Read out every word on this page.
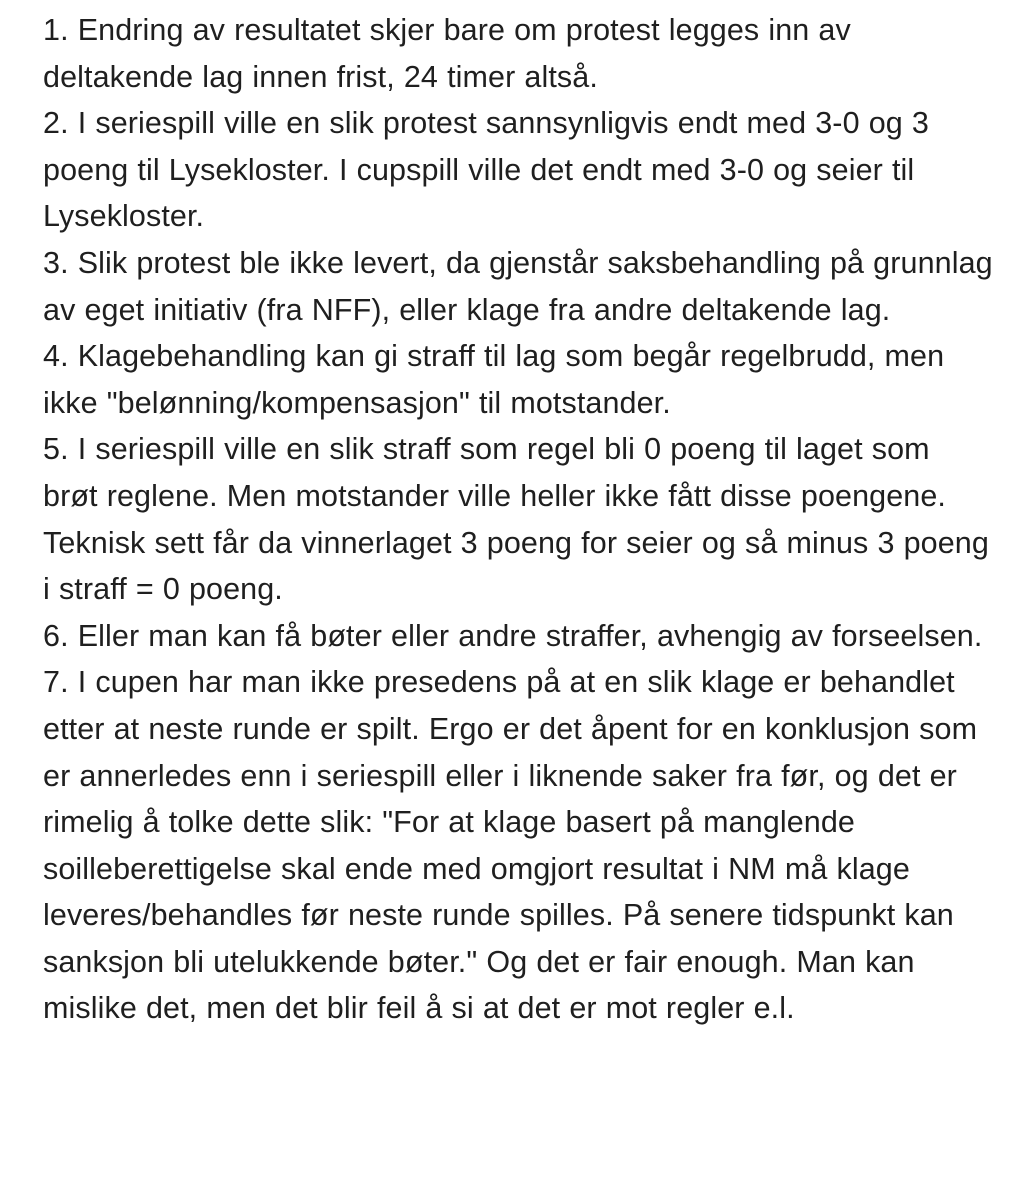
1. Endring av resultatet skjer bare om protest legges inn av deltakende lag innen frist, 24 timer altså.
2. I seriespill ville en slik protest sannsynligvis endt med 3-0 og 3 poeng til Lysekloster. I cupspill ville det endt med 3-0 og seier til Lysekloster.
3. Slik protest ble ikke levert, da gjenstår saksbehandling på grunnlag av eget initiativ (fra NFF), eller klage fra andre deltakende lag.
4. Klagebehandling kan gi straff til lag som begår regelbrudd, men ikke "belønning/kompensasjon" til motstander.
5. I seriespill ville en slik straff som regel bli 0 poeng til laget som brøt reglene. Men motstander ville heller ikke fått disse poengene. Teknisk sett får da vinnerlaget 3 poeng for seier og så minus 3 poeng i straff = 0 poeng.
6. Eller man kan få bøter eller andre straffer, avhengig av forseelsen.
7. I cupen har man ikke presedens på at en slik klage er behandlet etter at neste runde er spilt. Ergo er det åpent for en konklusjon som er annerledes enn i seriespill eller i liknende saker fra før, og det er rimelig å tolke dette slik: "For at klage basert på manglende soilleberettigelse skal ende med omgjort resultat i NM må klage leveres/behandles før neste runde spilles. På senere tidspunkt kan sanksjon bli utelukkende bøter." Og det er fair enough. Man kan mislike det, men det blir feil å si at det er mot regler e.l.
